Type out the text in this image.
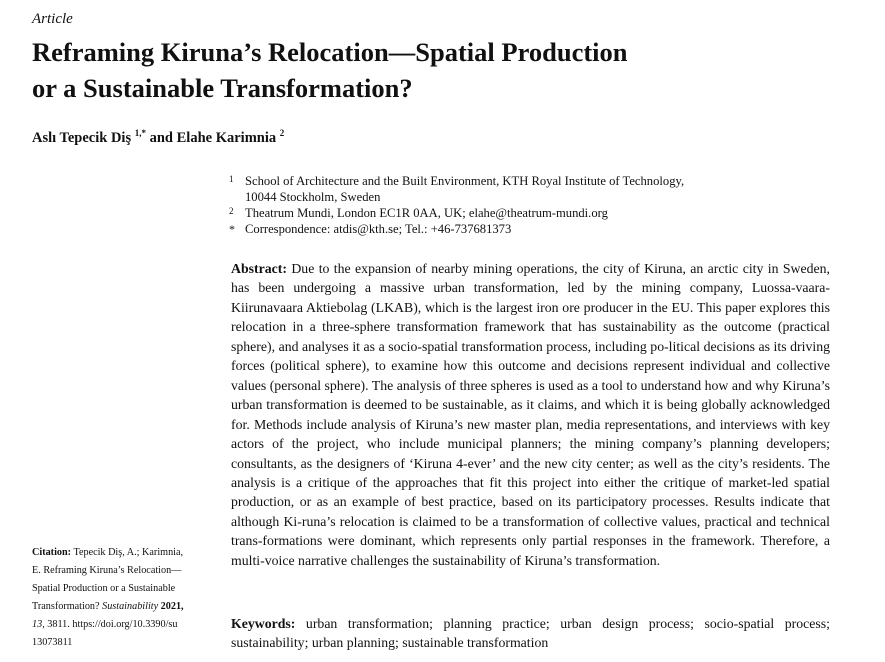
Article
Reframing Kiruna’s Relocation—Spatial Production
or a Sustainable Transformation?
Aslı Tepecik Diş $^{1,*}$ and Elahe Karimnia $^2$
1 School of Architecture and the Built Environment, KTH Royal Institute of Technology,
10044 Stockholm, Sweden
2 Theatrum Mundi, London EC1R 0AA, UK; elahe@theatrum-mundi.org
* Correspondence: atdis@kth.se; Tel.: +46-737681373

Abstract: Due to the expansion of nearby mining operations, the city of Kiruna, an arctic city in Sweden, has been undergoing a massive urban transformation, led by the mining company, Luossa-vaara-Kiirunavaara Aktiebolag (LKAB), which is the largest iron ore producer in the EU. This paper explores this relocation in a three-sphere transformation framework that has sustainability as the outcome (practical sphere), and analyses it as a socio-spatial transformation process, including po-litical decisions as its driving forces (political sphere), to examine how this outcome and decisions represent individual and collective values (personal sphere). The analysis of three spheres is used as a tool to understand how and why Kiruna’s urban transformation is deemed to be sustainable, as it claims, and which it is being globally acknowledged for. Methods include analysis of Kiruna’s new master plan, media representations, and interviews with key actors of the project, who include municipal planners; the mining company’s planning developers; consultants, as the designers of ‘Kiruna 4-ever’ and the new city center; as well as the city’s residents. The analysis is a critique of the approaches that fit this project into either the critique of market-led spatial production, or as an example of best practice, based on its participatory processes. Results indicate that although Ki-runa’s relocation is claimed to be a transformation of collective values, practical and technical trans-formations were dominant, which represents only partial responses in the framework. Therefore, a multi-voice narrative challenges the sustainability of Kiruna’s transformation.

Keywords: urban transformation; planning practice; urban design process; socio-spatial process; sustainability; urban planning; sustainable transformation

Citation: Tepecik Diş, A.; Karimnia,
E. Reframing Kiruna’s Relocation—
Spatial Production or a Sustainable
Transformation? Sustainability 2021,
13, 3811. https://doi.org/10.3390/su
13073811
